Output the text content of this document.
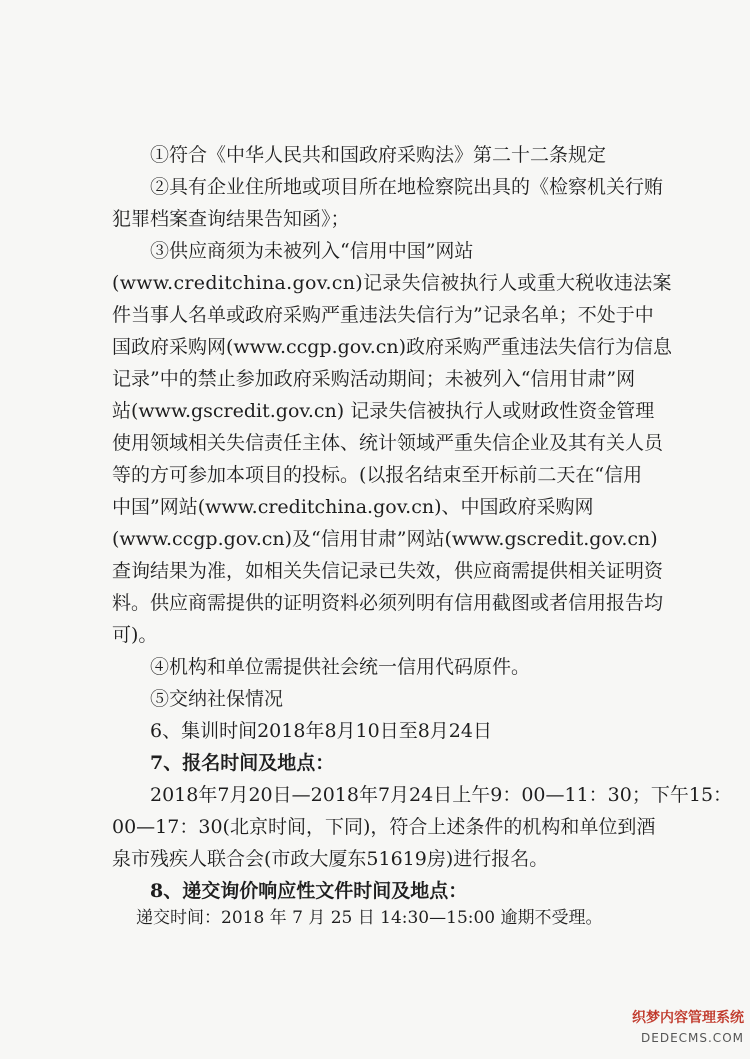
①符合《中华人民共和国政府采购法》第二十二条规定

②具有企业住所地或项目所在地检察院出具的《检察机关行贿

犯罪档案查询结果告知函》；

③供应商须为未被列入“信用中国”网站

(www.creditchina.gov.cn)记录失信被执行人或重大税收违法案

件当事人名单或政府采购严重违法失信行为”记录名单；不处于中

国政府采购网(www.ccgp.gov.cn)政府采购严重违法失信行为信息

记录”中的禁止参加政府采购活动期间；未被列入“信用甘肃”网

站(www.gscredit.gov.cn) 记录失信被执行人或财政性资金管理

使用领域相关失信责任主体、统计领域严重失信企业及其有关人员

等的方可参加本项目的投标。(以报名结束至开标前二天在“信用

中国”网站(www.creditchina.gov.cn)、中国政府采购网

(www.ccgp.gov.cn)及“信用甘肃”网站(www.gscredit.gov.cn)

查询结果为准，如相关失信记录已失效，供应商需提供相关证明资

料。供应商需提供的证明资料必须列明有信用截图或者信用报告均

可)。

④机构和单位需提供社会统一信用代码原件。

⑤交纳社保情况

6、集训时间2018年8月10日至8月24日

7、报名时间及地点：

2018年7月20日—2018年7月24日上午9：00—11：30；下午15：

00—17：30(北京时间，下同)，符合上述条件的机构和单位到酒

泉市残疾人联合会(市政大厦东51619房)进行报名。

8、递交询价响应性文件时间及地点：

递交时间：2018 年 7 月 25 日 14:30—15:00 逾期不受理。

织梦内容管理系统
DEDECMS.COM
